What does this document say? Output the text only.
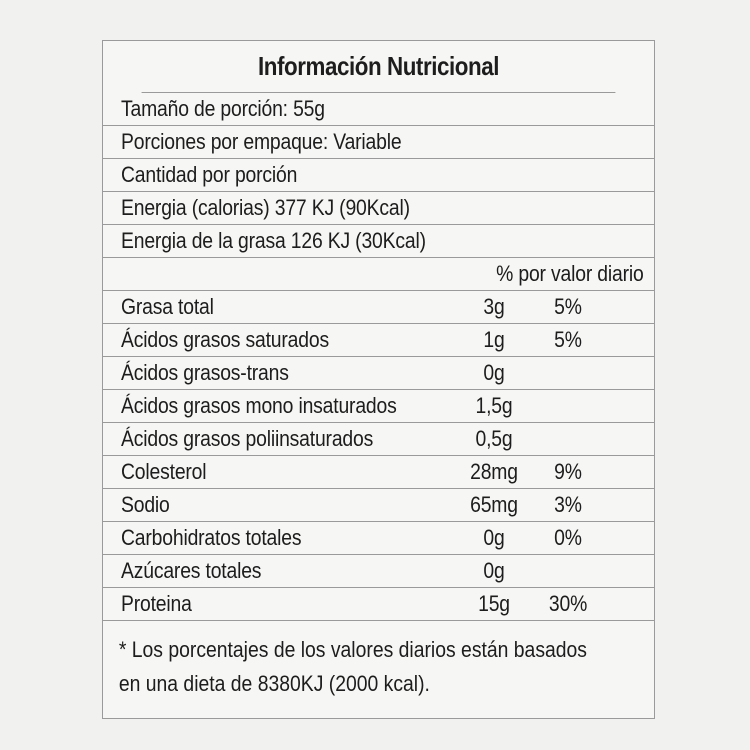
Información Nutricional
Tamaño de porción: 55g
Porciones por empaque: Variable
Cantidad por porción
Energia (calorias) 377 KJ (90Kcal)
Energia de la grasa 126 KJ (30Kcal)
% por valor diario
Grasa total	3g	5%
Ácidos grasos saturados	1g	5%
Ácidos grasos-trans	0g
Ácidos grasos mono insaturados	1,5g
Ácidos grasos poliinsaturados	0,5g
Colesterol	28mg	9%
Sodio	65mg	3%
Carbohidratos totales	0g	0%
Azúcares totales	0g
Proteina	15g	30%
* Los porcentajes de los valores diarios están basados
en una dieta de 8380KJ (2000 kcal).
